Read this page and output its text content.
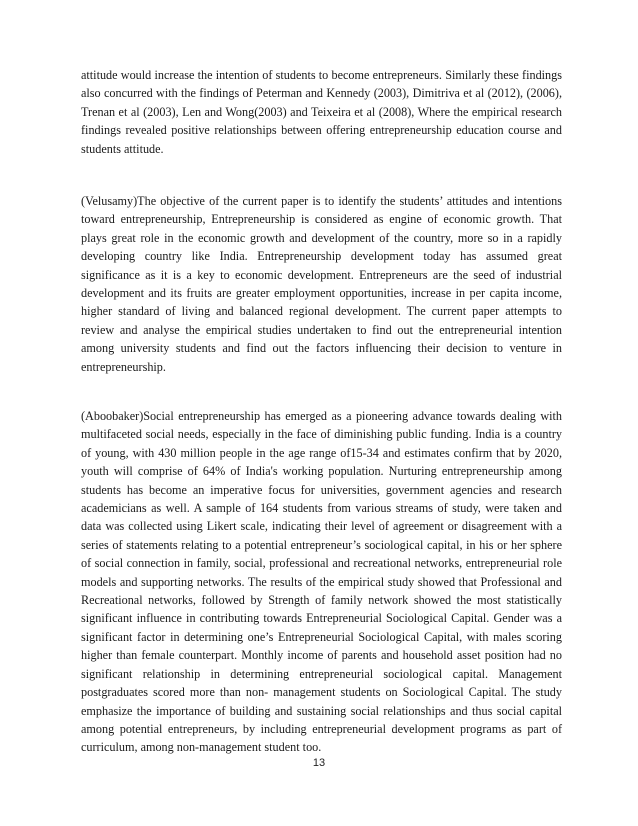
attitude would increase the intention of students to become entrepreneurs. Similarly these findings also concurred with the findings of Peterman and Kennedy (2003), Dimitriva et al (2012), (2006), Trenan et al (2003), Len and Wong(2003) and Teixeira et al (2008), Where the empirical research findings revealed positive relationships between offering entrepreneurship education course and students attitude.

(Velusamy)The objective of the current paper is to identify the students’ attitudes and intentions toward entrepreneurship, Entrepreneurship is considered as engine of economic growth. That plays great role in the economic growth and development of the country, more so in a rapidly developing country like India. Entrepreneurship development today has assumed great significance as it is a key to economic development. Entrepreneurs are the seed of industrial development and its fruits are greater employment opportunities, increase in per capita income, higher standard of living and balanced regional development. The current paper attempts to review and analyse the empirical studies undertaken to find out the entrepreneurial intention among university students and find out the factors influencing their decision to venture in entrepreneurship.

(Aboobaker)Social entrepreneurship has emerged as a pioneering advance towards dealing with multifaceted social needs, especially in the face of diminishing public funding. India is a country of young, with 430 million people in the age range of15-34 and estimates confirm that by 2020, youth will comprise of 64% of India's working population. Nurturing entrepreneurship among students has become an imperative focus for universities, government agencies and research academicians as well. A sample of 164 students from various streams of study, were taken and data was collected using Likert scale, indicating their level of agreement or disagreement with a series of statements relating to a potential entrepreneur’s sociological capital, in his or her sphere of social connection in family, social, professional and recreational networks, entrepreneurial role models and supporting networks. The results of the empirical study showed that Professional and Recreational networks, followed by Strength of family network showed the most statistically significant influence in contributing towards Entrepreneurial Sociological Capital. Gender was a significant factor in determining one’s Entrepreneurial Sociological Capital, with males scoring higher than female counterpart. Monthly income of parents and household asset position had no significant relationship in determining entrepreneurial sociological capital. Management postgraduates scored more than non- management students on Sociological Capital. The study emphasize the importance of building and sustaining social relationships and thus social capital among potential entrepreneurs, by including entrepreneurial development programs as part of curriculum, among non-management student too.

13
